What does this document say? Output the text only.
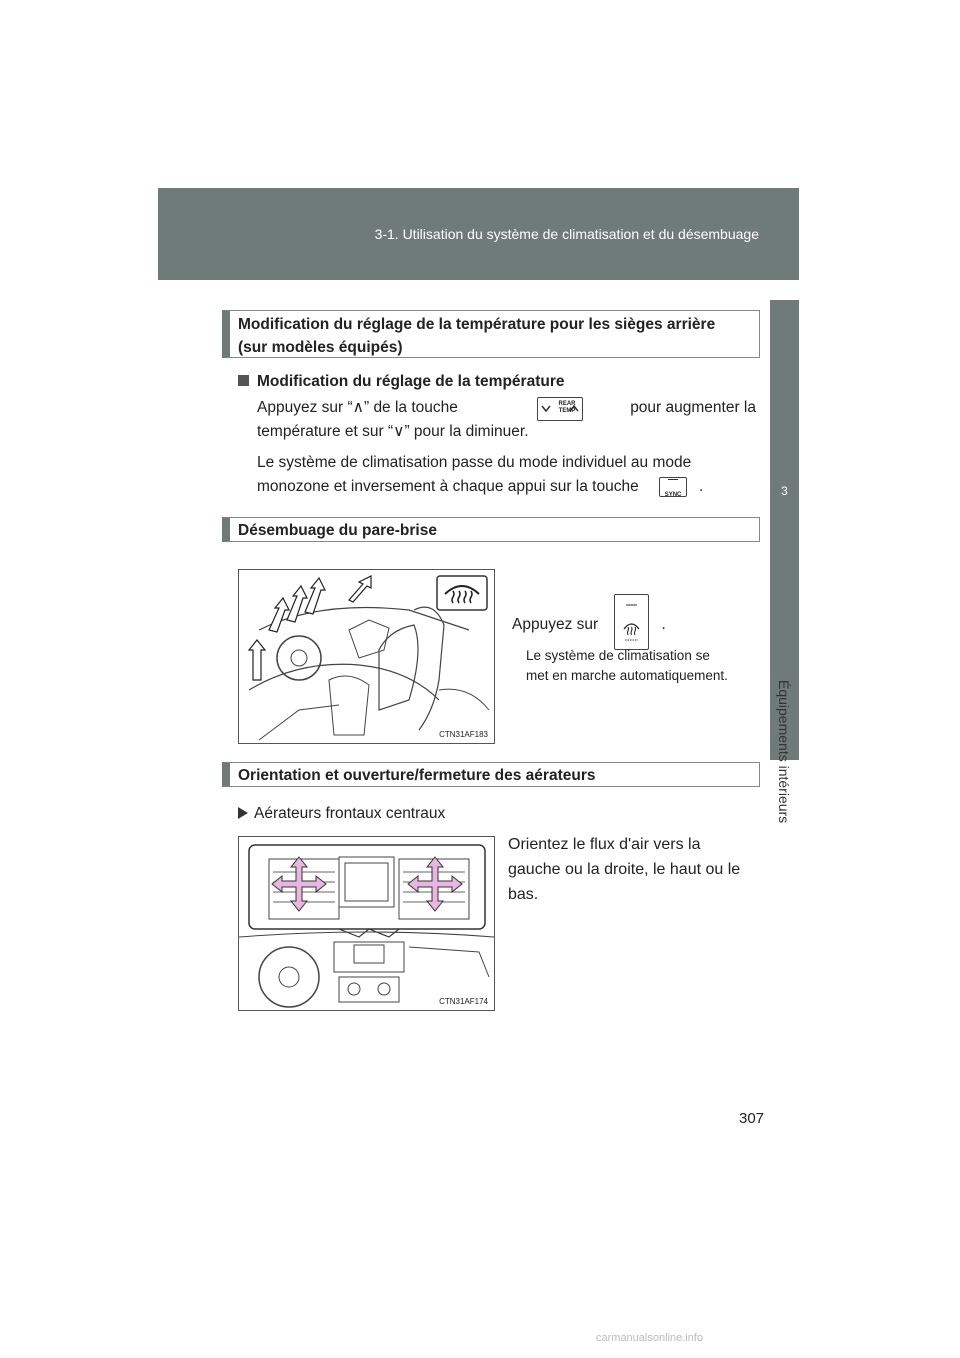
3-1. Utilisation du système de climatisation et du désembuage
3
Équipements intérieurs
Modification du réglage de la température pour les sièges arrière
(sur modèles équipés)
Modification du réglage de la température
Appuyez sur “∧” de la touche	pour augmenter la
REAR TEMP
température et sur “∨” pour la diminuer.
Le système de climatisation passe du mode individuel au mode
monozone et inversement à chaque appui sur la touche	SYNC	.
Désembuage du pare-brise
CTN31AF183
Appuyez sur	.
Le système de climatisation se
met en marche automatiquement.
Orientation et ouverture/fermeture des aérateurs
Aérateurs frontaux centraux
CTN31AF174
Orientez le flux d'air vers la
gauche ou la droite, le haut ou le
bas.
307
carmanualsonline.info
